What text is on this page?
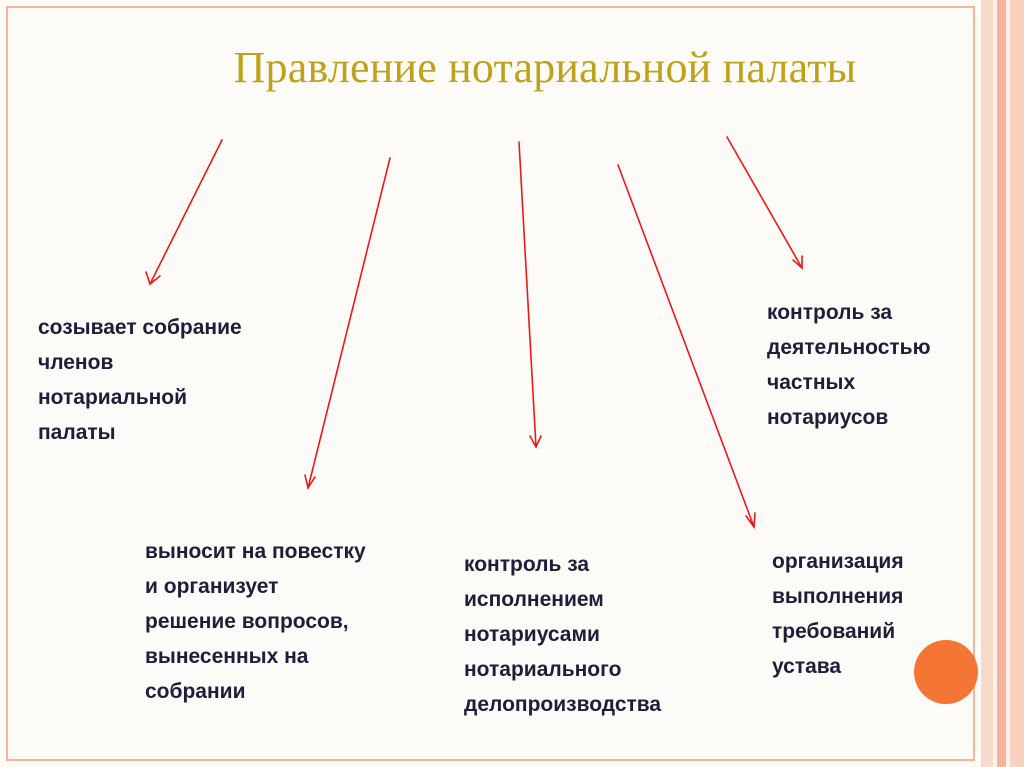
Правление нотариальной палаты
созывает собрание
членов
нотариальной
палаты
выносит на повестку
и организует
решение вопросов,
вынесенных на
собрании
контроль за
исполнением
нотариусами
нотариального
делопроизводства
организация
выполнения
требований
устава
контроль за
деятельностью
частных
нотариусов
